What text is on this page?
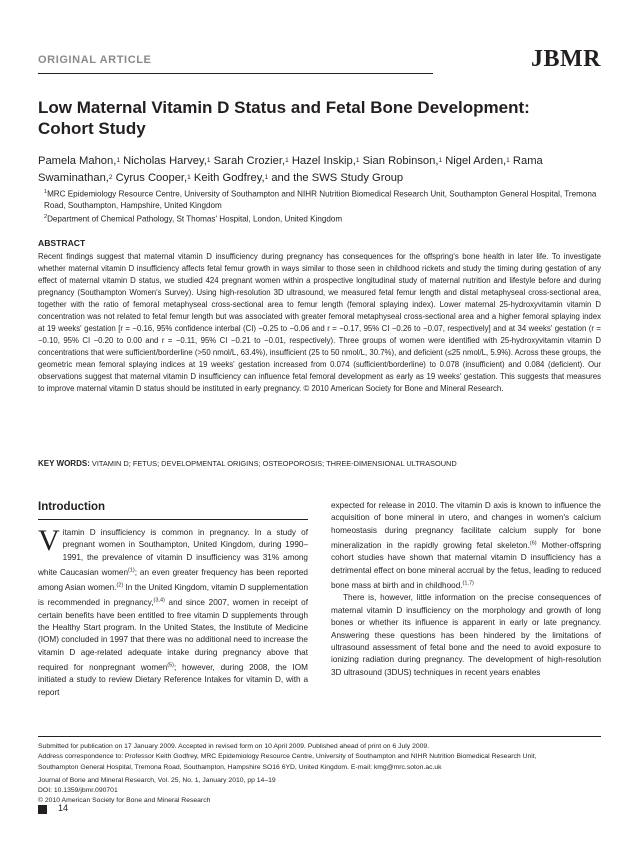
ORIGINAL ARTICLE	JBMR
Low Maternal Vitamin D Status and Fetal Bone Development: Cohort Study
Pamela Mahon,$^1$ Nicholas Harvey,$^1$ Sarah Crozier,$^1$ Hazel Inskip,$^1$ Sian Robinson,$^1$ Nigel Arden,$^1$ Rama Swaminathan,$^2$ Cyrus Cooper,$^1$ Keith Godfrey,$^1$ and the SWS Study Group
$^1$MRC Epidemiology Resource Centre, University of Southampton and NIHR Nutrition Biomedical Research Unit, Southampton General Hospital, Tremona Road, Southampton, Hampshire, United Kingdom
$^2$Department of Chemical Pathology, St Thomas' Hospital, London, United Kingdom
ABSTRACT

Recent findings suggest that maternal vitamin D insufficiency during pregnancy has consequences for the offspring's bone health in later life. To investigate whether maternal vitamin D insufficiency affects fetal femur growth in ways similar to those seen in childhood rickets and study the timing during gestation of any effect of maternal vitamin D status, we studied 424 pregnant women within a prospective longitudinal study of maternal nutrition and lifestyle before and during pregnancy (Southampton Women's Survey). Using high-resolution 3D ultrasound, we measured fetal femur length and distal metaphyseal cross-sectional area, together with the ratio of femoral metaphyseal cross-sectional area to femur length (femoral splaying index). Lower maternal 25-hydroxyvitamin vitamin D concentration was not related to fetal femur length but was associated with greater femoral metaphyseal cross-sectional area and a higher femoral splaying index at 19 weeks' gestation [r = −0.16, 95% confidence interbal (CI) −0.25 to −0.06 and r = −0.17, 95% CI −0.26 to −0.07, respectively] and at 34 weeks' gestation (r = −0.10, 95% CI −0.20 to 0.00 and r = −0.11, 95% CI −0.21 to −0.01, respectively). Three groups of women were identified with 25-hydroxyvitamin vitamin D concentrations that were sufficient/borderline (>50 nmol/L, 63.4%), insufficient (25 to 50 nmol/L, 30.7%), and deficient (≤25 nmol/L, 5.9%). Across these groups, the geometric mean femoral splaying indices at 19 weeks' gestation increased from 0.074 (sufficient/borderline) to 0.078 (insufficient) and 0.084 (deficient). Our observations suggest that maternal vitamin D insufficiency can influence fetal femoral development as early as 19 weeks' gestation. This suggests that measures to improve maternal vitamin D status should be instituted in early pregnancy. © 2010 American Society for Bone and Mineral Research.

KEY WORDS: VITAMIN D; FETUS; DEVELOPMENTAL ORIGINS; OSTEOPOROSIS; THREE-DIMENSIONAL ULTRASOUND
Introduction
V itamin D insufficiency is common in pregnancy. In a study of pregnant women in Southampton, United Kingdom, during 1990–1991, the prevalence of vitamin D insufficiency was 31% among white Caucasian women$^{(1)}$; an even greater frequency has been reported among Asian women.$^{(2)}$ In the United Kingdom, vitamin D supplementation is recommended in pregnancy,$^{(3,4)}$ and since 2007, women in receipt of certain benefits have been entitled to free vitamin D supplements through the Healthy Start program. In the United States, the Institute of Medicine (IOM) concluded in 1997 that there was no additional need to increase the vitamin D age-related adequate intake during pregnancy above that required for nonpregnant women$^{(5)}$; however, during 2008, the IOM initiated a study to review Dietary Reference Intakes for vitamin D, with a report
expected for release in 2010. The vitamin D axis is known to influence the acquisition of bone mineral in utero, and changes in women's calcium homeostasis during pregnancy facilitate calcium supply for bone mineralization in the rapidly growing fetal skeleton.$^{(6)}$ Mother-offspring cohort studies have shown that maternal vitamin D insufficiency has a detrimental effect on bone mineral accrual by the fetus, leading to reduced bone mass at birth and in childhood.$^{(1,7)}$
There is, however, little information on the precise consequences of maternal vitamin D insufficiency on the morphology and growth of long bones or whether its influence is apparent in early or late pregnancy. Answering these questions has been hindered by the limitations of ultrasound assessment of fetal bone and the need to avoid exposure to ionizing radiation during pregnancy. The development of high-resolution 3D ultrasound (3DUS) techniques in recent years enables
Submitted for publication on 17 January 2009. Accepted in revised form on 10 April 2009. Published ahead of print on 6 July 2009.
Address correspondence to: Professor Keith Godfrey, MRC Epidemiology Resource Centre, University of Southampton and NIHR Nutrition Biomedical Research Unit,
Southampton General Hospital, Tremona Road, Southampton, Hampshire SO16 6YD, United Kingdom. E-mail: kmg@mrc.soton.ac.uk
Journal of Bone and Mineral Research, Vol. 25, No. 1, January 2010, pp 14–19
DOI: 10.1359/jbmr.090701
© 2010 American Society for Bone and Mineral Research
14
